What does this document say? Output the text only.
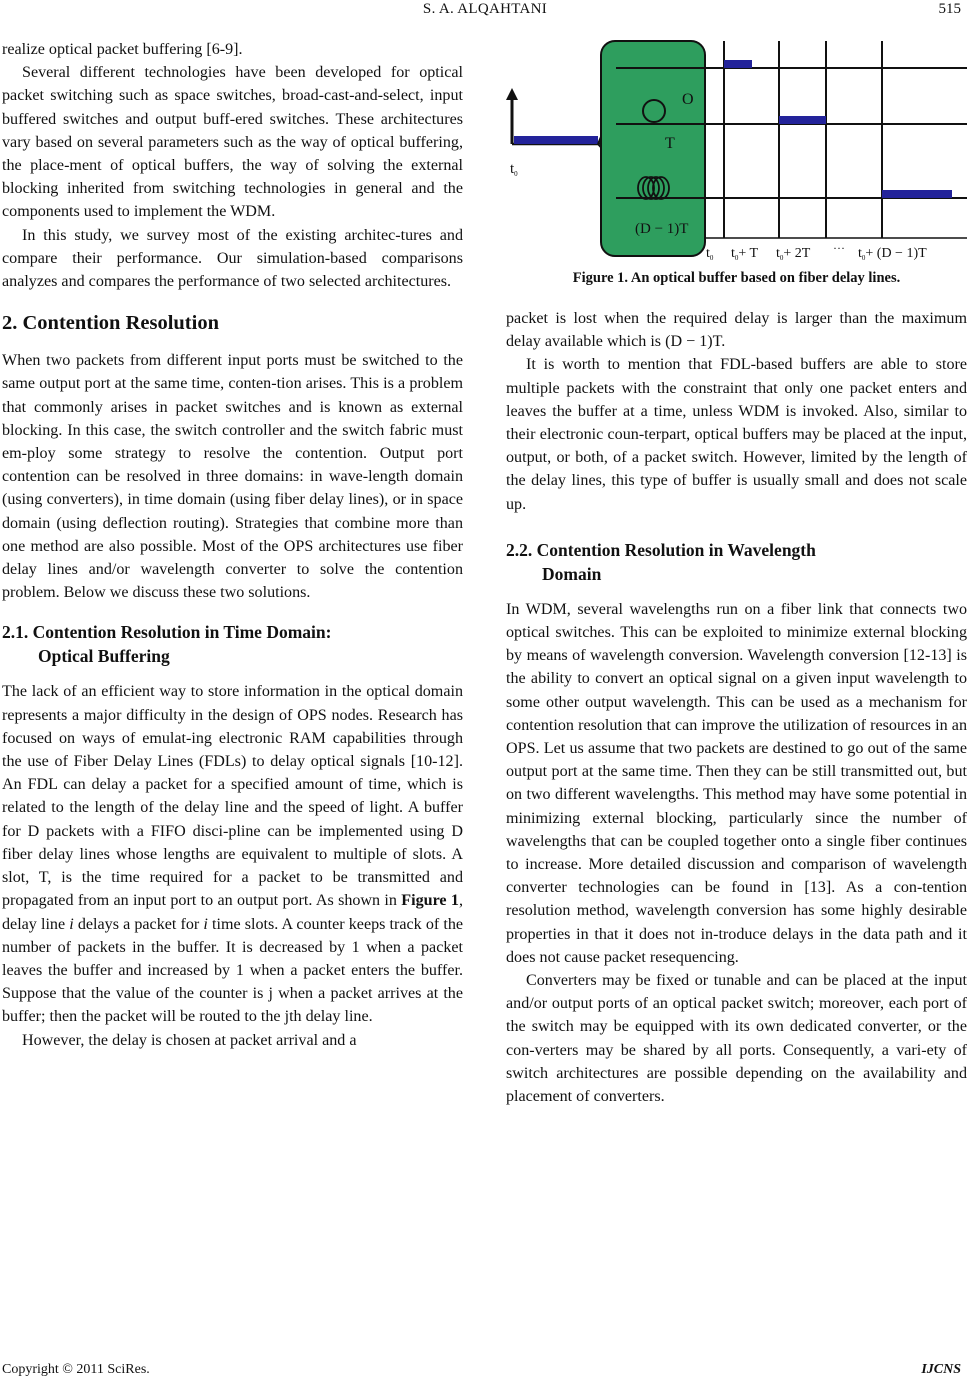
S. A. ALQAHTANI	515

realize optical packet buffering [6-9].

Several different technologies have been developed for optical packet switching such as space switches, broad-cast-and-select, input buffered switches and output buff-ered switches. These architectures vary based on several parameters such as the way of optical buffering, the place-ment of optical buffers, the way of solving the external blocking inherited from switching technologies in general and the components used to implement the WDM.

In this study, we survey most of the existing architec-tures and compare their performance. Our simulation-based comparisons analyzes and compares the performance of two selected architectures.

2. Contention Resolution

When two packets from different input ports must be switched to the same output port at the same time, conten-tion arises. This is a problem that commonly arises in packet switches and is known as external blocking. In this case, the switch controller and the switch fabric must em-ploy some strategy to resolve the contention. Output port contention can be resolved in three domains: in wave-length domain (using converters), in time domain (using fiber delay lines), or in space domain (using deflection routing). Strategies that combine more than one method are also possible. Most of the OPS architectures use fiber delay lines and/or wavelength converter to solve the contention problem. Below we discuss these two solutions.

2.1. Contention Resolution in Time Domain:
Optical Buffering

The lack of an efficient way to store information in the optical domain represents a major difficulty in the design of OPS nodes. Research has focused on ways of emulat-ing electronic RAM capabilities through the use of Fiber Delay Lines (FDLs) to delay optical signals [10-12]. An FDL can delay a packet for a specified amount of time, which is related to the length of the delay line and the speed of light. A buffer for D packets with a FIFO disci-pline can be implemented using D fiber delay lines whose lengths are equivalent to multiple of slots. A slot, T, is the time required for a packet to be transmitted and propagated from an input port to an output port. As shown in Figure 1, delay line i delays a packet for i time slots. A counter keeps track of the number of packets in the buffer. It is decreased by 1 when a packet leaves the buffer and increased by 1 when a packet enters the buffer. Suppose that the value of the counter is j when a packet arrives at the buffer; then the packet will be routed to the jth delay line.

However, the delay is chosen at packet arrival and a

$t_0$
O
T
(D − 1)T
$t_0$ $t_0+ T$ $t_0+ 2T$ ··· $t_0+ (D - 1)T$
Figure 1. An optical buffer based on fiber delay lines.

packet is lost when the required delay is larger than the maximum delay available which is (D − 1)T.

It is worth to mention that FDL-based buffers are able to store multiple packets with the constraint that only one packet enters and leaves the buffer at a time, unless WDM is invoked. Also, similar to their electronic coun-terpart, optical buffers may be placed at the input, output, or both, of a packet switch. However, limited by the length of the delay lines, this type of buffer is usually small and does not scale up.

2.2. Contention Resolution in Wavelength
Domain

In WDM, several wavelengths run on a fiber link that connects two optical switches. This can be exploited to minimize external blocking by means of wavelength conversion. Wavelength conversion [12-13] is the ability to convert an optical signal on a given input wavelength to some other output wavelength. This can be used as a mechanism for contention resolution that can improve the utilization of resources in an OPS. Let us assume that two packets are destined to go out of the same output port at the same time. Then they can be still transmitted out, but on two different wavelengths. This method may have some potential in minimizing external blocking, particularly since the number of wavelengths that can be coupled together onto a single fiber continues to increase. More detailed discussion and comparison of wavelength converter technologies can be found in [13]. As a con-tention resolution method, wavelength conversion has some highly desirable properties in that it does not in-troduce delays in the data path and it does not cause packet resequencing.

Converters may be fixed or tunable and can be placed at the input and/or output ports of an optical packet switch; moreover, each port of the switch may be equipped with its own dedicated converter, or the con-verters may be shared by all ports. Consequently, a vari-ety of switch architectures are possible depending on the availability and placement of converters.

Copyright © 2011 SciRes.	IJCNS
